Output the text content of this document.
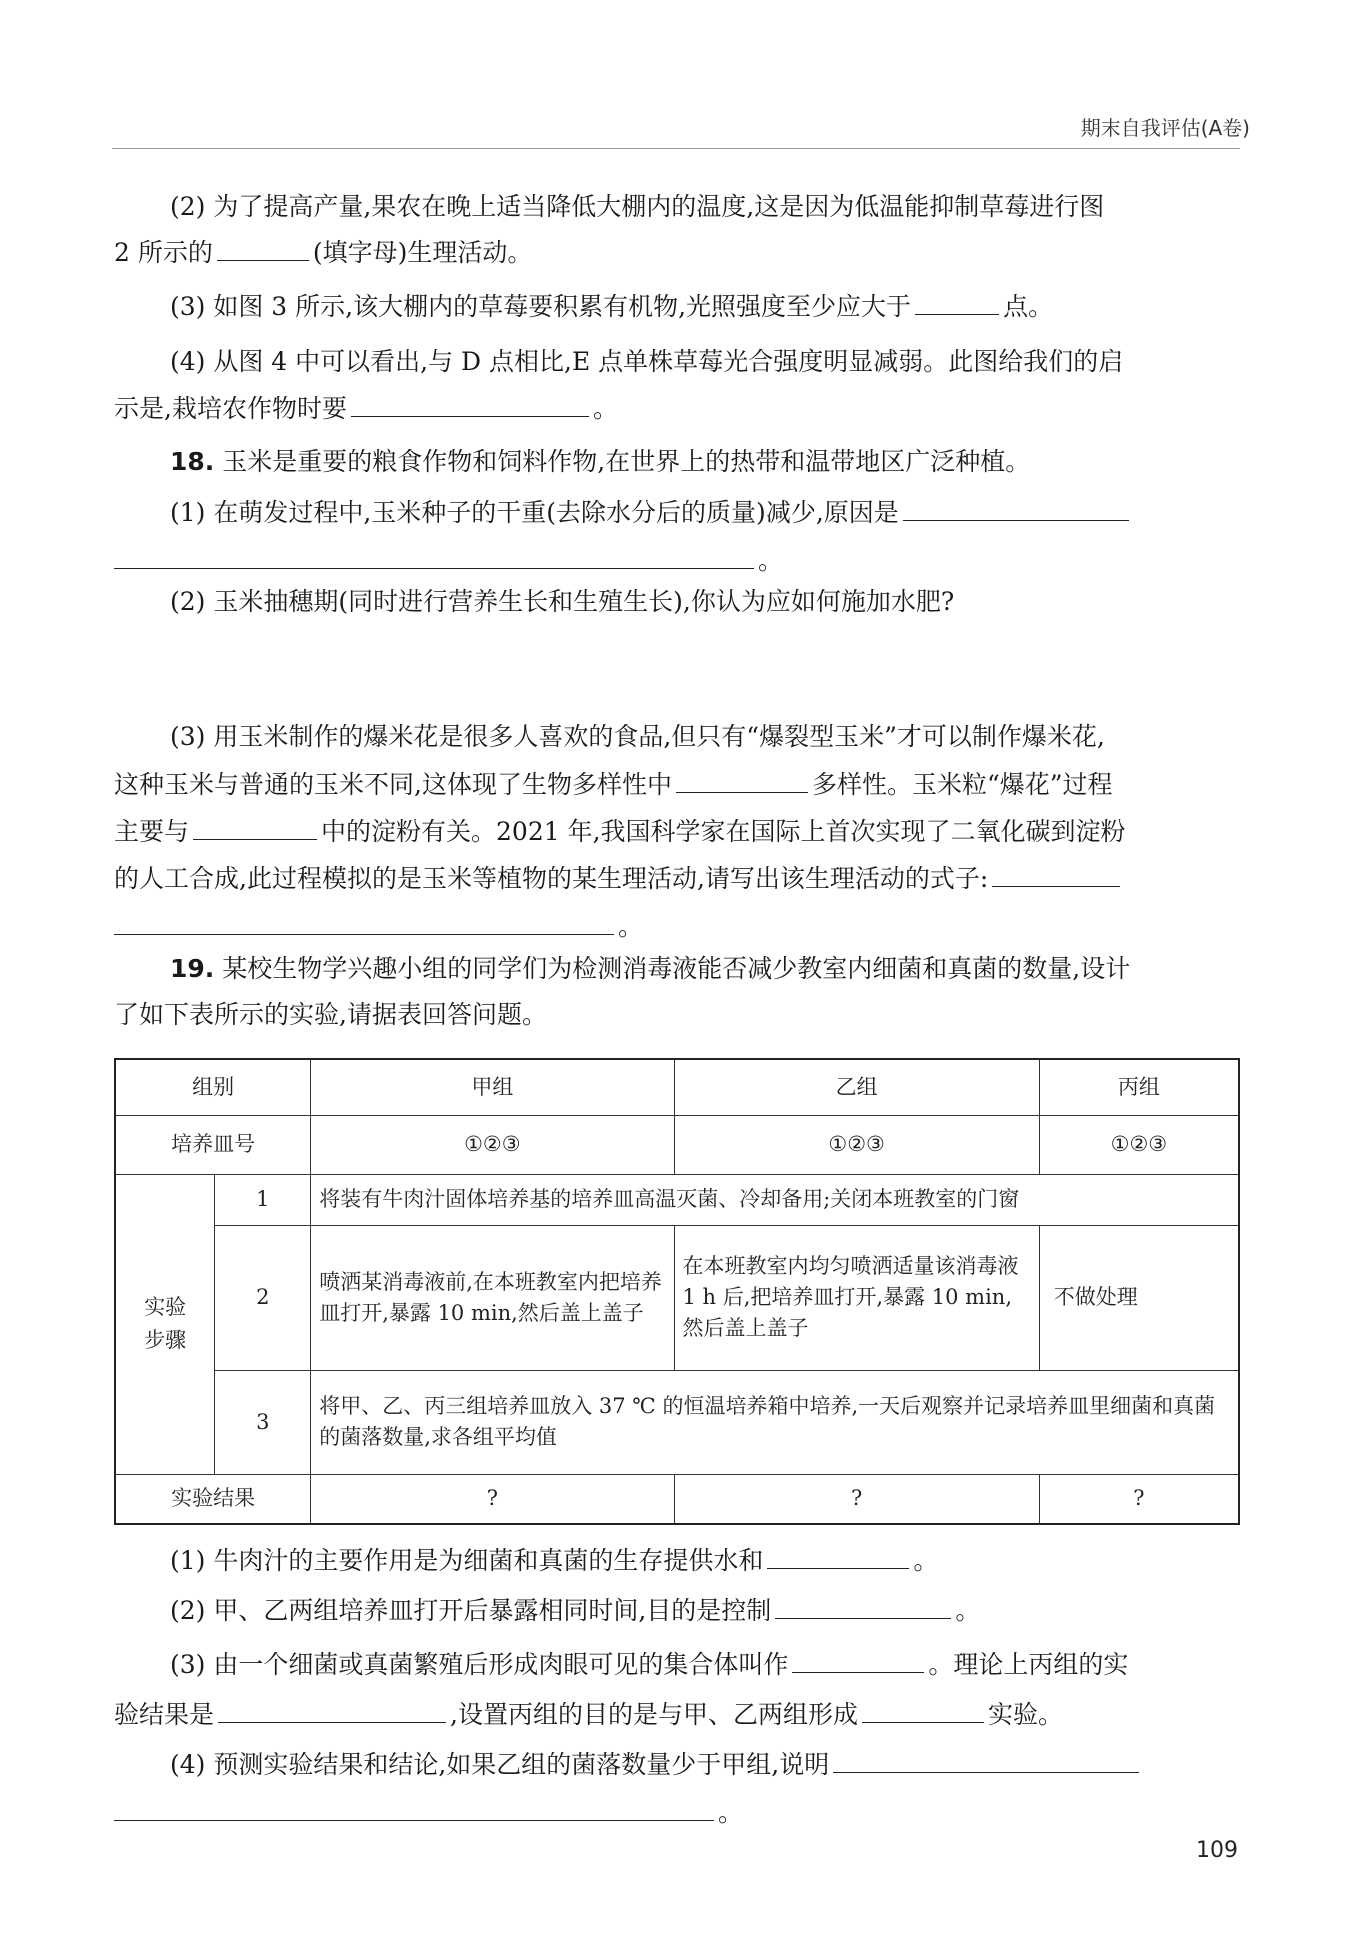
期末自我评估(A卷)
(2) 为了提高产量,果农在晚上适当降低大棚内的温度,这是因为低温能抑制草莓进行图
2 所示的	(填字母)生理活动。
(3) 如图 3 所示,该大棚内的草莓要积累有机物,光照强度至少应大于	点。
(4) 从图 4 中可以看出,与 D 点相比,E 点单株草莓光合强度明显减弱。此图给我们的启
示是,栽培农作物时要	。
18. 玉米是重要的粮食作物和饲料作物,在世界上的热带和温带地区广泛种植。
(1) 在萌发过程中,玉米种子的干重(去除水分后的质量)减少,原因是
。
(2) 玉米抽穗期(同时进行营养生长和生殖生长),你认为应如何施加水肥?
(3) 用玉米制作的爆米花是很多人喜欢的食品,但只有“爆裂型玉米”才可以制作爆米花,
这种玉米与普通的玉米不同,这体现了生物多样性中	多样性。玉米粒“爆花”过程
主要与	中的淀粉有关。2021 年,我国科学家在国际上首次实现了二氧化碳到淀粉
的人工合成,此过程模拟的是玉米等植物的某生理活动,请写出该生理活动的式子:
。
19. 某校生物学兴趣小组的同学们为检测消毒液能否减少教室内细菌和真菌的数量,设计
了如下表所示的实验,请据表回答问题。
组别		甲组	乙组	丙组
培养皿号		①②③	①②③	①②③
实验步骤	1	将装有牛肉汁固体培养基的培养皿高温灭菌、冷却备用;关闭本班教室的门窗		
	2	喷洒某消毒液前,在本班教室内把培养皿打开,暴露 10 min,然后盖上盖子	在本班教室内均匀喷洒适量该消毒液 1 h 后,把培养皿打开,暴露 10 min,然后盖上盖子	不做处理
	3	将甲、乙、丙三组培养皿放入 37 ℃ 的恒温培养箱中培养,一天后观察并记录培养皿里细菌和真菌的菌落数量,求各组平均值		
实验结果		?	?	?
(1) 牛肉汁的主要作用是为细菌和真菌的生存提供水和	。
(2) 甲、乙两组培养皿打开后暴露相同时间,目的是控制	。
(3) 由一个细菌或真菌繁殖后形成肉眼可见的集合体叫作	。理论上丙组的实
验结果是	,设置丙组的目的是与甲、乙两组形成	实验。
(4) 预测实验结果和结论,如果乙组的菌落数量少于甲组,说明
。
109
